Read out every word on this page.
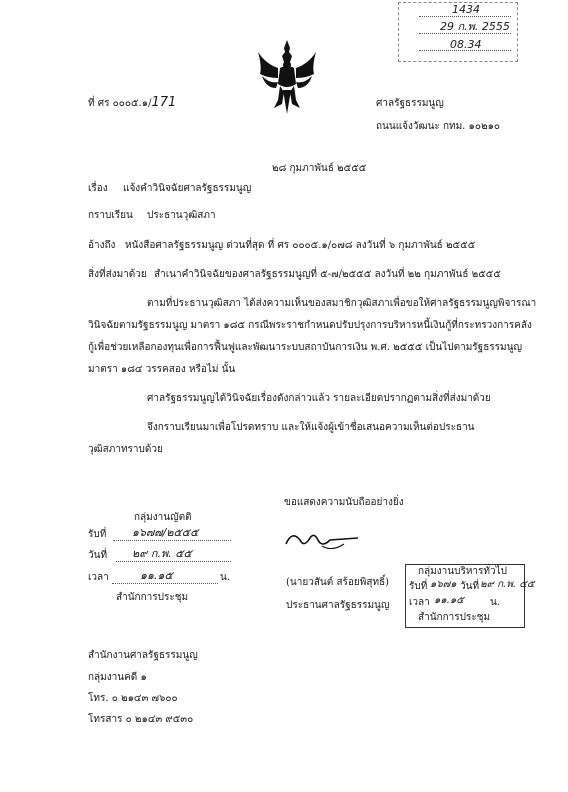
1434
29 ก.พ. 2555
08.34
ที่ ศร ๐๐๐๕.๑/171	ศาลรัฐธรรมนูญ
ถนนแจ้งวัฒนะ กทม. ๑๐๒๑๐
๒๘ กุมภาพันธ์ ๒๕๕๕
เรื่อง แจ้งคำวินิจฉัยศาลรัฐธรรมนูญ
กราบเรียน ประธานวุฒิสภา
อ้างถึง หนังสือศาลรัฐธรรมนูญ ด่วนที่สุด ที่ ศร ๐๐๐๕.๑/๐๗๘ ลงวันที่ ๖ กุมภาพันธ์ ๒๕๕๕
สิ่งที่ส่งมาด้วย สำเนาคำวินิจฉัยของศาลรัฐธรรมนูญที่ ๕-๗/๒๕๕๕ ลงวันที่ ๒๒ กุมภาพันธ์ ๒๕๕๕
ตามที่ประธานวุฒิสภา ได้ส่งความเห็นของสมาชิกวุฒิสภาเพื่อขอให้ศาลรัฐธรรมนูญพิจารณา
วินิจฉัยตามรัฐธรรมนูญ มาตรา ๑๘๕ กรณีพระราชกำหนดปรับปรุงการบริหารหนี้เงินกู้ที่กระทรวงการคลัง
กู้เพื่อช่วยเหลือกองทุนเพื่อการฟื้นฟูและพัฒนาระบบสถาบันการเงิน พ.ศ. ๒๕๕๕ เป็นไปตามรัฐธรรมนูญ
มาตรา ๑๘๔ วรรคสอง หรือไม่ นั้น
ศาลรัฐธรรมนูญได้วินิจฉัยเรื่องดังกล่าวแล้ว รายละเอียดปรากฏตามสิ่งที่ส่งมาด้วย
จึงกราบเรียนมาเพื่อโปรดทราบ และให้แจ้งผู้เข้าชื่อเสนอความเห็นต่อประธาน
วุฒิสภาทราบด้วย
ขอแสดงความนับถืออย่างยิ่ง
(นายวสันต์ สร้อยพิสุทธิ์)
ประธานศาลรัฐธรรมนูญ
กลุ่มงานญัตติ
รับที่ ๑๖๗๗/๒๕๕๕
วันที่ ๒๙ ก.พ. ๕๕
เวลา	๑๑.๑๕	น.
สำนักการประชุม
กลุ่มงานบริหารทั่วไป
รับที่ ๑๖๗๑ วันที่ ๒๙ ก.พ. ๕๕
เวลา ๑๑.๑๕	น.
สำนักการประชุม
สำนักงานศาลรัฐธรรมนูญ
กลุ่มงานคดี ๑
โทร. ๐ ๒๑๔๓ ๗๖๐๐
โทรสาร ๐ ๒๑๔๓ ๙๕๓๐
